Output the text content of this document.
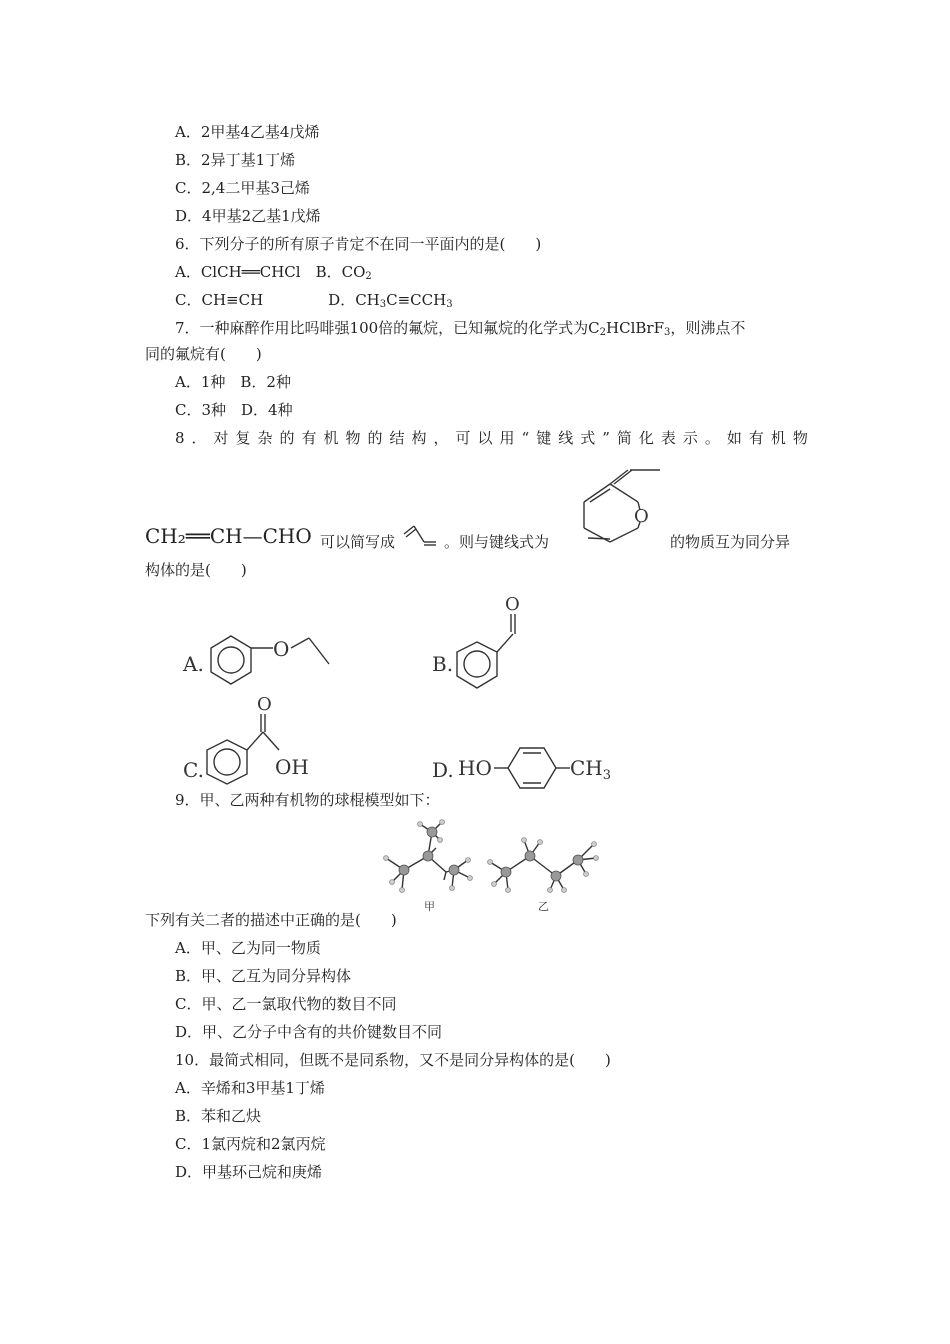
A．2甲基4乙基4戊烯
B．2异丁基1丁烯
C．2,4二甲基3己烯
D．4甲基2乙基1戊烯
6．下列分子的所有原子肯定不在同一平面内的是(　　)
A．ClCH══CHCl　 B．$CO_2$
C．CH≡CH	D．$CH_3C\equiv CCH_3$
7．一种麻醉作用比吗啡强100倍的氟烷，已知氟烷的化学式为$C_2HClBrF_3$，则沸点不
同的氟烷有(　　)
A．1种　B．2种
C．3种　D．4种
8．对复杂的有机物的结构，可以用“键线式”简化表示。如有机物
CH₂══CH—CHO 可以简写成	。则与键线式为
O
的物质互为同分异
构体的是(　　)
A.
O
B.
O
C.
O
OH	D. HO	$CH_3$
9．甲、乙两种有机物的球棍模型如下：
甲	乙
下列有关二者的描述中正确的是(　　)
A．甲、乙为同一物质
B．甲、乙互为同分异构体
C．甲、乙一氯取代物的数目不同
D．甲、乙分子中含有的共价键数目不同
10．最简式相同，但既不是同系物，又不是同分异构体的是(　　)
A．辛烯和3甲基1丁烯
B．苯和乙炔
C．1氯丙烷和2氯丙烷
D．甲基环己烷和庚烯
